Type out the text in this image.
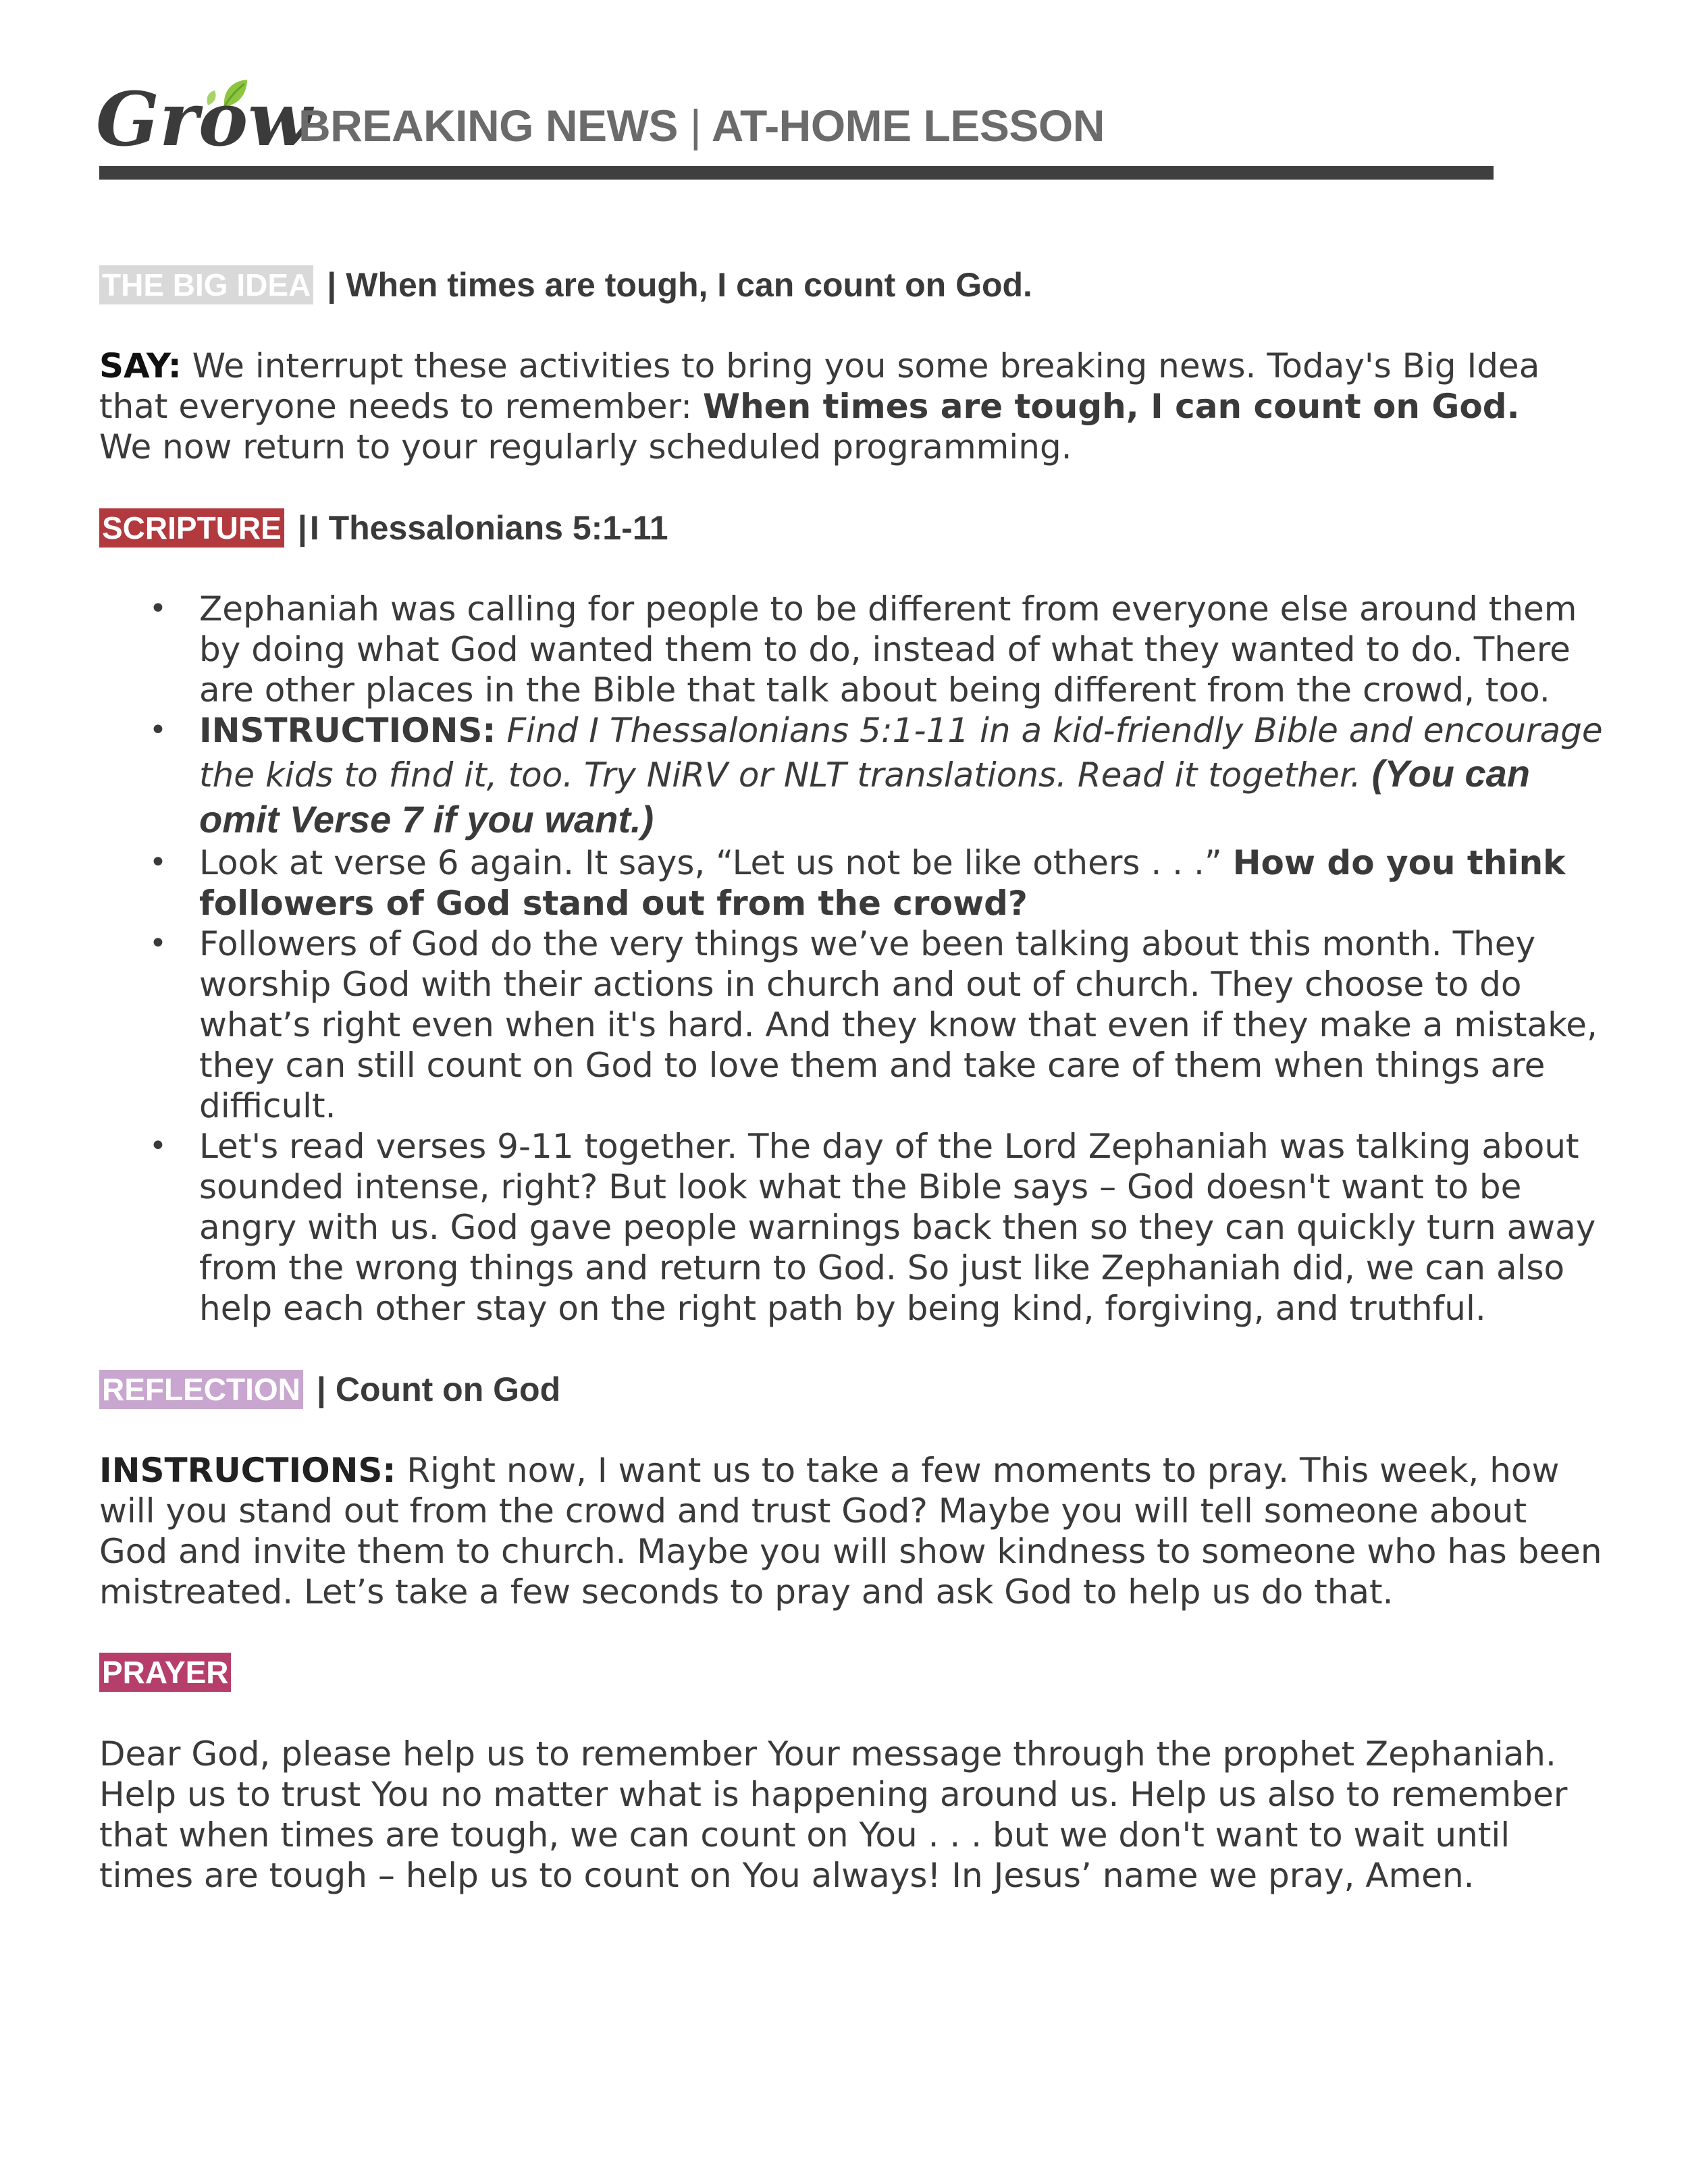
Grow
BREAKING NEWS | AT-HOME LESSON
THE BIG IDEA | When times are tough, I can count on God.

SAY: We interrupt these activities to bring you some breaking news. Today's Big Idea that everyone needs to remember: When times are tough, I can count on God.

We now return to your regularly scheduled programming.

SCRIPTURE | I Thessalonians 5:1-11
• Zephaniah was calling for people to be different from everyone else around them by doing what God wanted them to do, instead of what they wanted to do. There are other places in the Bible that talk about being different from the crowd, too.
• INSTRUCTIONS: Find I Thessalonians 5:1-11 in a kid-friendly Bible and encourage the kids to find it, too. Try NiRV or NLT translations. Read it together. (You can omit Verse 7 if you want.)
• Look at verse 6 again. It says, “Let us not be like others . . .” How do you think followers of God stand out from the crowd?
• Followers of God do the very things we’ve been talking about this month. They worship God with their actions in church and out of church. They choose to do what’s right even when it's hard. And they know that even if they make a mistake, they can still count on God to love them and take care of them when things are difficult.
• Let's read verses 9-11 together. The day of the Lord Zephaniah was talking about sounded intense, right? But look what the Bible says – God doesn't want to be angry with us. God gave people warnings back then so they can quickly turn away from the wrong things and return to God. So just like Zephaniah did, we can also help each other stay on the right path by being kind, forgiving, and truthful.
REFLECTION | Count on God

INSTRUCTIONS: Right now, I want us to take a few moments to pray. This week, how will you stand out from the crowd and trust God? Maybe you will tell someone about God and invite them to church. Maybe you will show kindness to someone who has been mistreated. Let’s take a few seconds to pray and ask God to help us do that.

PRAYER

Dear God, please help us to remember Your message through the prophet Zephaniah. Help us to trust You no matter what is happening around us. Help us also to remember that when times are tough, we can count on You . . . but we don't want to wait until times are tough – help us to count on You always! In Jesus’ name we pray, Amen.
